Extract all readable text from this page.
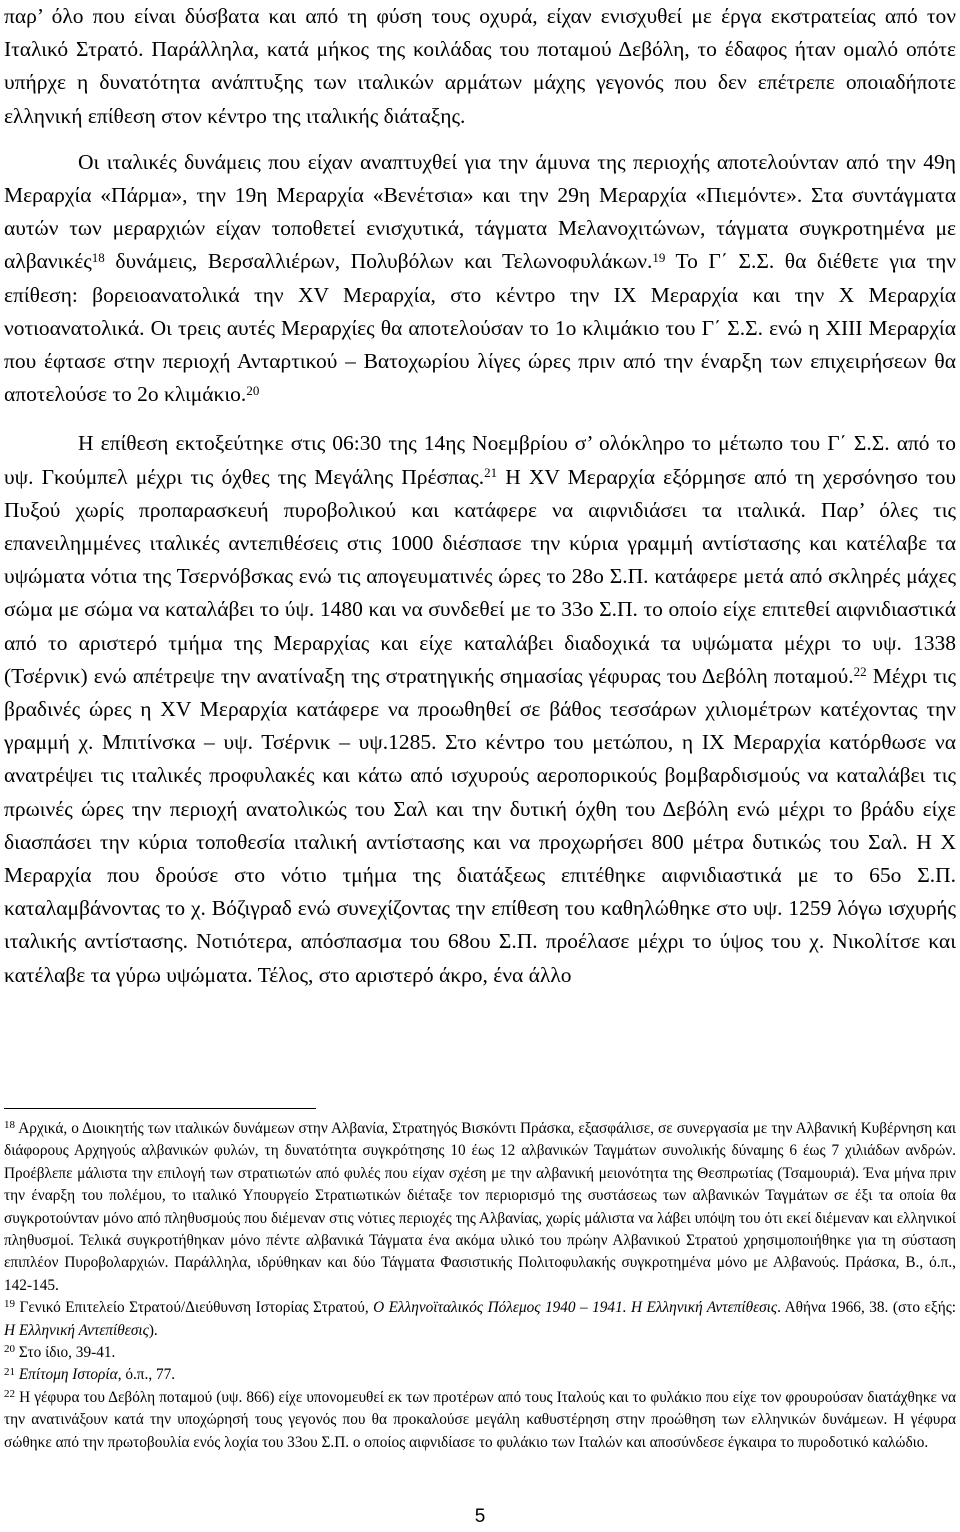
παρ’ όλο που είναι δύσβατα και από τη φύση τους οχυρά, είχαν ενισχυθεί με έργα εκστρατείας από τον Ιταλικό Στρατό. Παράλληλα, κατά μήκος της κοιλάδας του ποταμού Δεβόλη, το έδαφος ήταν ομαλό οπότε υπήρχε η δυνατότητα ανάπτυξης των ιταλικών αρμάτων μάχης γεγονός που δεν επέτρεπε οποιαδήποτε ελληνική επίθεση στον κέντρο της ιταλικής διάταξης.

Οι ιταλικές δυνάμεις που είχαν αναπτυχθεί για την άμυνα της περιοχής αποτελούνταν από την 49η Μεραρχία «Πάρμα», την 19η Μεραρχία «Βενέτσια» και την 29η Μεραρχία «Πιεμόντε». Στα συντάγματα αυτών των μεραρχιών είχαν τοποθετεί ενισχυτικά, τάγματα Μελανοχιτώνων, τάγματα συγκροτημένα με αλβανικές$^{18}$ δυνάμεις, Βερσαλλιέρων, Πολυβόλων και Τελωνοφυλάκων.$^{19}$ Το Γ΄ Σ.Σ. θα διέθετε για την επίθεση: βορειοανατολικά την XV Μεραρχία, στο κέντρο την IX Μεραρχία και την X Μεραρχία νοτιοανατολικά. Οι τρεις αυτές Μεραρχίες θα αποτελούσαν το 1ο κλιμάκιο του Γ΄ Σ.Σ. ενώ η XIII Μεραρχία που έφτασε στην περιοχή Ανταρτικού – Βατοχωρίου λίγες ώρες πριν από την έναρξη των επιχειρήσεων θα αποτελούσε το 2ο κλιμάκιο.$^{20}$

Η επίθεση εκτοξεύτηκε στις 06:30 της 14ης Νοεμβρίου σ’ ολόκληρο το μέτωπο του Γ΄ Σ.Σ. από το υψ. Γκούμπελ μέχρι τις όχθες της Μεγάλης Πρέσπας.$^{21}$ Η XV Μεραρχία εξόρμησε από τη χερσόνησο του Πυξού χωρίς προπαρασκευή πυροβολικού και κατάφερε να αιφνιδιάσει τα ιταλικά. Παρ’ όλες τις επανειλημμένες ιταλικές αντεπιθέσεις στις 1000 διέσπασε την κύρια γραμμή αντίστασης και κατέλαβε τα υψώματα νότια της Τσερνόβσκας ενώ τις απογευματινές ώρες το 28ο Σ.Π. κατάφερε μετά από σκληρές μάχες σώμα με σώμα να καταλάβει το ύψ. 1480 και να συνδεθεί με το 33ο Σ.Π. το οποίο είχε επιτεθεί αιφνιδιαστικά από το αριστερό τμήμα της Μεραρχίας και είχε καταλάβει διαδοχικά τα υψώματα μέχρι το υψ. 1338 (Τσέρνικ) ενώ απέτρεψε την ανατίναξη της στρατηγικής σημασίας γέφυρας του Δεβόλη ποταμού.$^{22}$ Μέχρι τις βραδινές ώρες η XV Μεραρχία κατάφερε να προωθηθεί σε βάθος τεσσάρων χιλιομέτρων κατέχοντας την γραμμή χ. Μπιτίνσκα – υψ. Τσέρνικ – υψ.1285. Στο κέντρο του μετώπου, η IX Μεραρχία κατόρθωσε να ανατρέψει τις ιταλικές προφυλακές και κάτω από ισχυρούς αεροπορικούς βομβαρδισμούς να καταλάβει τις πρωινές ώρες την περιοχή ανατολικώς του Σαλ και την δυτική όχθη του Δεβόλη ενώ μέχρι το βράδυ είχε διασπάσει την κύρια τοποθεσία ιταλική αντίστασης και να προχωρήσει 800 μέτρα δυτικώς του Σαλ. Η X Μεραρχία που δρούσε στο νότιο τμήμα της διατάξεως επιτέθηκε αιφνιδιαστικά με το 65ο Σ.Π. καταλαμβάνοντας το χ. Βόζιγραδ ενώ συνεχίζοντας την επίθεση του καθηλώθηκε στο υψ. 1259 λόγω ισχυρής ιταλικής αντίστασης. Νοτιότερα, απόσπασμα του 68ου Σ.Π. προέλασε μέχρι το ύψος του χ. Νικολίτσε και κατέλαβε τα γύρω υψώματα. Τέλος, στο αριστερό άκρο, ένα άλλο

$^{18}$ Αρχικά, ο Διοικητής των ιταλικών δυνάμεων στην Αλβανία, Στρατηγός Βισκόντι Πράσκα, εξασφάλισε, σε συνεργασία με την Αλβανική Κυβέρνηση και διάφορους Αρχηγούς αλβανικών φυλών, τη δυνατότητα συγκρότησης 10 έως 12 αλβανικών Ταγμάτων συνολικής δύναμης 6 έως 7 χιλιάδων ανδρών. Προέβλεπε μάλιστα την επιλογή των στρατιωτών από φυλές που είχαν σχέση με την αλβανική μειονότητα της Θεσπρωτίας (Τσαμουριά). Ένα μήνα πριν την έναρξη του πολέμου, το ιταλικό Υπουργείο Στρατιωτικών διέταξε τον περιορισμό της συστάσεως των αλβανικών Ταγμάτων σε έξι τα οποία θα συγκροτούνταν μόνο από πληθυσμούς που διέμεναν στις νότιες περιοχές της Αλβανίας, χωρίς μάλιστα να λάβει υπόψη του ότι εκεί διέμεναν και ελληνικοί πληθυσμοί. Τελικά συγκροτήθηκαν μόνο πέντε αλβανικά Τάγματα ένα ακόμα υλικό του πρώην Αλβανικού Στρατού χρησιμοποιήθηκε για τη σύσταση επιπλέον Πυροβολαρχιών. Παράλληλα, ιδρύθηκαν και δύο Τάγματα Φασιστικής Πολιτοφυλακής συγκροτημένα μόνο με Αλβανούς. Πράσκα, Β., ό.π., 142-145.

$^{19}$ Γενικό Επιτελείο Στρατού/Διεύθυνση Ιστορίας Στρατού, Ο Ελληνοϊταλικός Πόλεμος 1940 – 1941. Η Ελληνική Αντεπίθεσις. Αθήνα 1966, 38. (στο εξής: Η Ελληνική Αντεπίθεσις).

$^{20}$ Στο ίδιο, 39-41.

$^{21}$ Επίτομη Ιστορία, ό.π., 77.

$^{22}$ Η γέφυρα του Δεβόλη ποταμού (υψ. 866) είχε υπονομευθεί εκ των προτέρων από τους Ιταλούς και το φυλάκιο που είχε τον φρουρούσαν διατάχθηκε να την ανατινάξουν κατά την υποχώρησή τους γεγονός που θα προκαλούσε μεγάλη καθυστέρηση στην προώθηση των ελληνικών δυνάμεων. Η γέφυρα σώθηκε από την πρωτοβουλία ενός λοχία του 33ου Σ.Π. ο οποίος αιφνιδίασε το φυλάκιο των Ιταλών και αποσύνδεσε έγκαιρα το πυροδοτικό καλώδιο.

5
